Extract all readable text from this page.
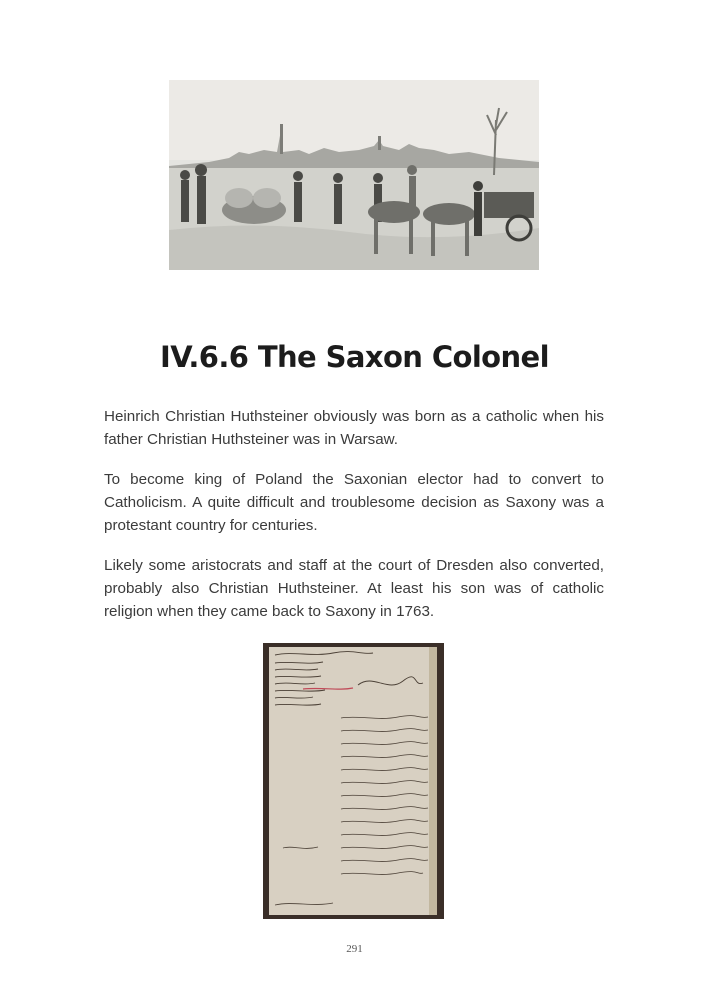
IV.6.6 The Saxon Colonel

Heinrich Christian Huthsteiner obviously was born as a catholic when his father Christian Huthsteiner was in Warsaw.

To become king of Poland the Saxonian elector had to convert to Catholicism. A quite difficult and troublesome decision as Saxony was a protestant country for centuries.

Likely some aristocrats and staff at the court of Dresden also converted, probably also Christian Huthsteiner. At least his son was of catholic religion when they came back to Saxony in 1763.

291
